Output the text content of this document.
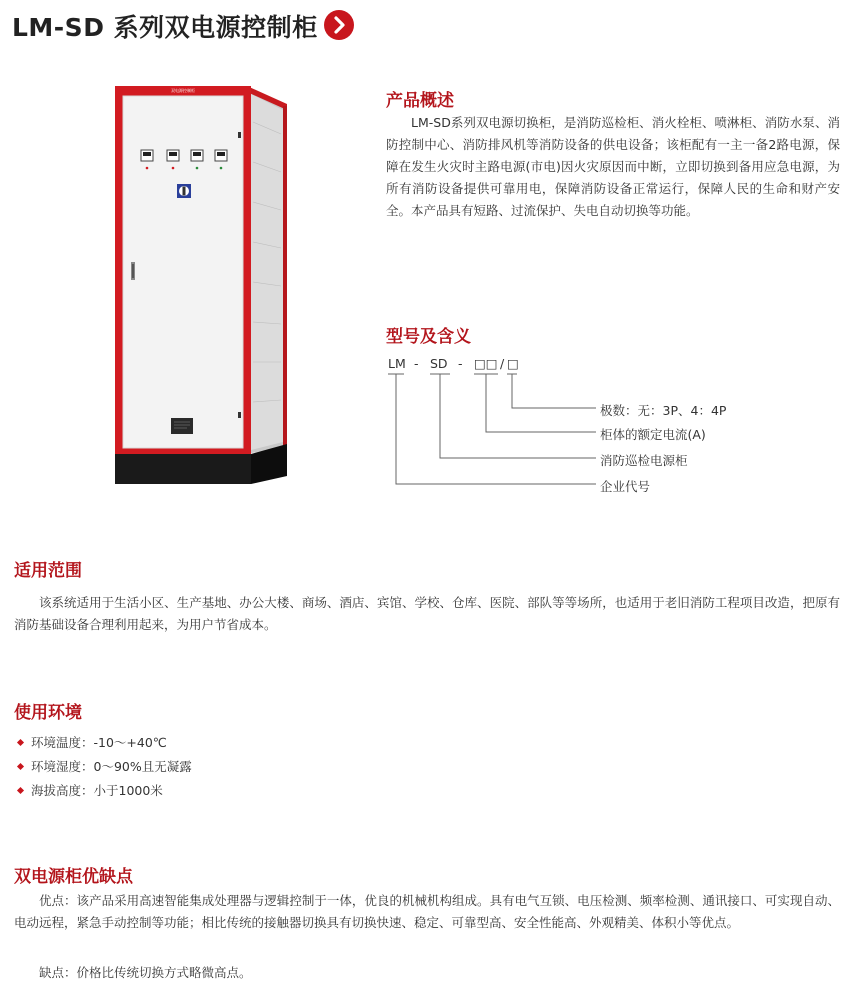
LM-SD 系列双电源控制柜
双电源控制柜
产品概述
LM-SD系列双电源切换柜，是消防巡检柜、消火栓柜、喷淋柜、消防水泵、消防控制中心、消防排风机等消防设备的供电设备；该柜配有一主一备2路电源，保障在发生火灾时主路电源(市电)因火灾原因而中断，立即切换到备用应急电源，为所有消防设备提供可靠用电，保障消防设备正常运行，保障人民的生命和财产安全。本产品具有短路、过流保护、失电自动切换等功能。
型号及含义
LM - SD - □□ / □
极数：无：3P、4：4P
柜体的额定电流(A)
消防巡检电源柜
企业代号
适用范围
该系统适用于生活小区、生产基地、办公大楼、商场、酒店、宾馆、学校、仓库、医院、部队等等场所，也适用于老旧消防工程项目改造，把原有消防基础设备合理利用起来，为用户节省成本。
使用环境
环境温度：-10～+40℃
环境湿度：0～90%且无凝露
海拔高度：小于1000米
双电源柜优缺点
优点：该产品采用高速智能集成处理器与逻辑控制于一体，优良的机械机构组成。具有电气互锁、电压检测、频率检测、通讯接口、可实现自动、电动远程，紧急手动控制等功能；相比传统的接触器切换具有切换快速、稳定、可靠型高、安全性能高、外观精美、体积小等优点。
缺点：价格比传统切换方式略微高点。
